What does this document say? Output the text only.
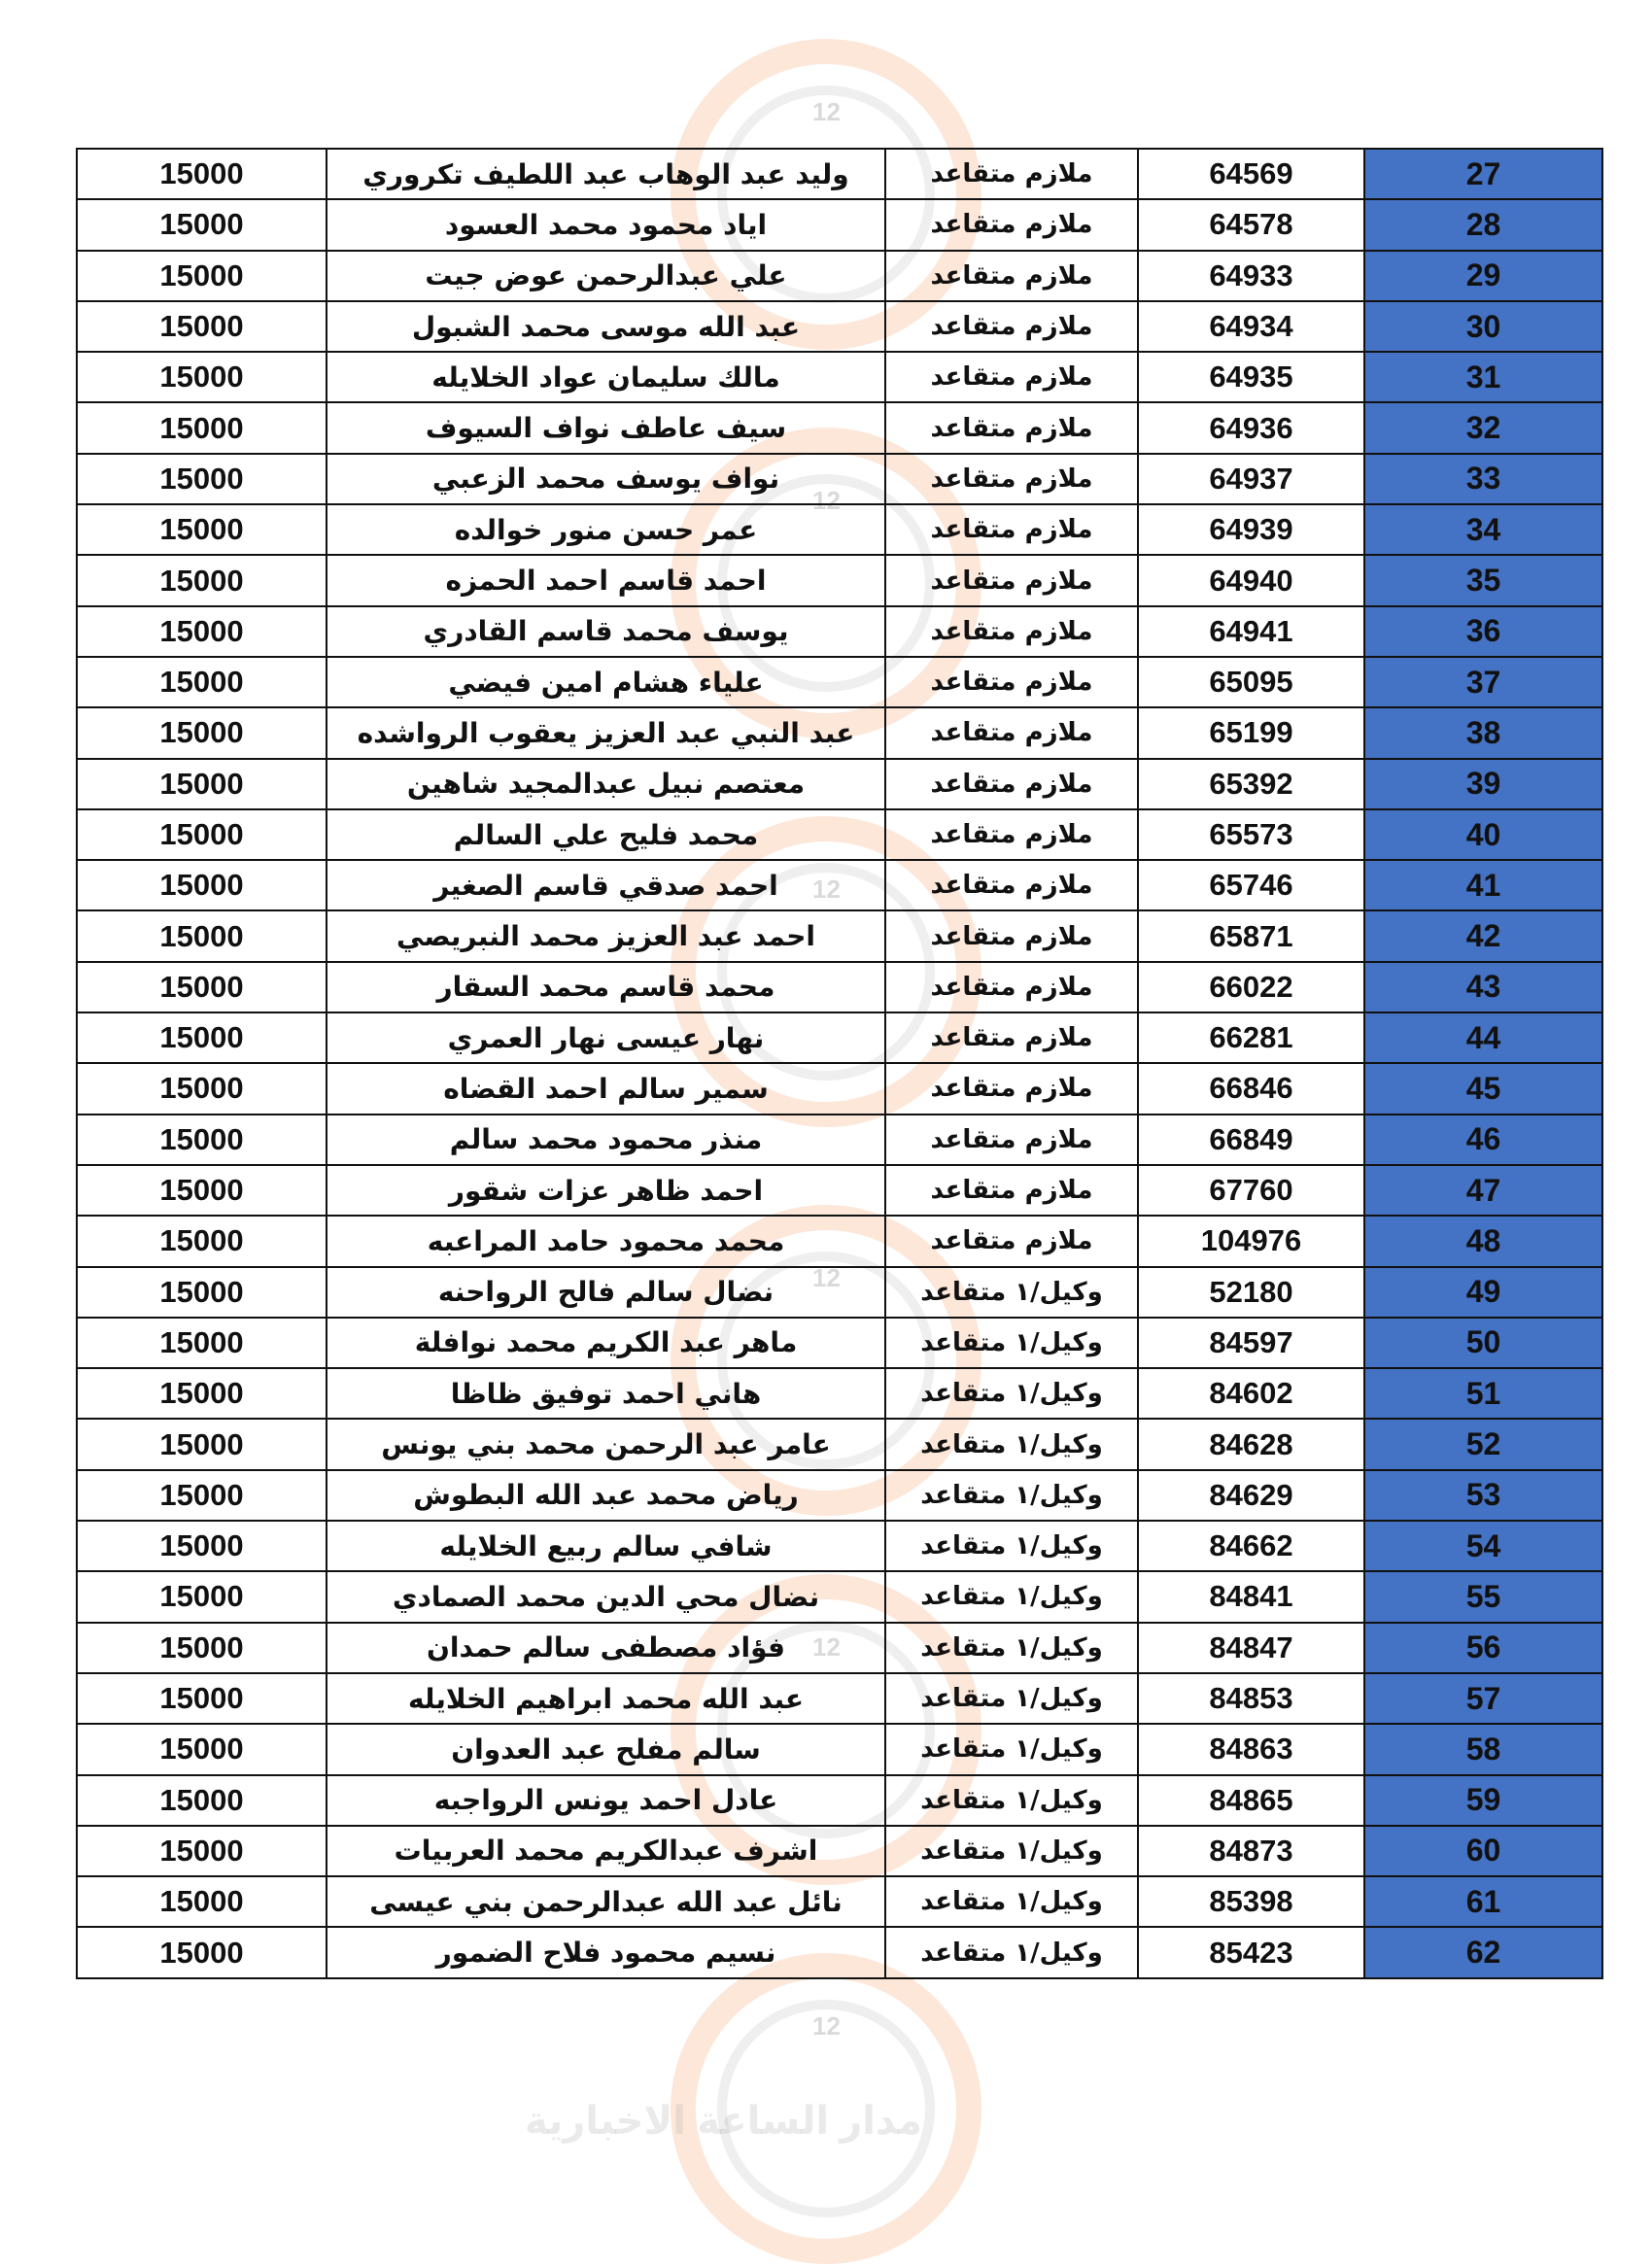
12
12
12
12
12
12
مدار الساعة الاخبارية
15000	وليد عبد الوهاب عبد اللطيف تكروري	ملازم متقاعد	64569	27
15000	اياد محمود محمد العسود	ملازم متقاعد	64578	28
15000	علي عبدالرحمن عوض جيت	ملازم متقاعد	64933	29
15000	عبد الله موسى محمد الشبول	ملازم متقاعد	64934	30
15000	مالك سليمان عواد الخلايله	ملازم متقاعد	64935	31
15000	سيف عاطف نواف السيوف	ملازم متقاعد	64936	32
15000	نواف يوسف محمد الزعبي	ملازم متقاعد	64937	33
15000	عمر حسن منور خوالده	ملازم متقاعد	64939	34
15000	احمد قاسم احمد الحمزه	ملازم متقاعد	64940	35
15000	يوسف محمد قاسم القادري	ملازم متقاعد	64941	36
15000	علياء هشام امين فيضي	ملازم متقاعد	65095	37
15000	عبد النبي عبد العزيز يعقوب الرواشده	ملازم متقاعد	65199	38
15000	معتصم نبيل عبدالمجيد شاهين	ملازم متقاعد	65392	39
15000	محمد فليح علي السالم	ملازم متقاعد	65573	40
15000	احمد صدقي قاسم الصغير	ملازم متقاعد	65746	41
15000	احمد عبد العزيز محمد النبريصي	ملازم متقاعد	65871	42
15000	محمد قاسم محمد السقار	ملازم متقاعد	66022	43
15000	نهار عيسى نهار العمري	ملازم متقاعد	66281	44
15000	سمير سالم احمد القضاه	ملازم متقاعد	66846	45
15000	منذر محمود محمد سالم	ملازم متقاعد	66849	46
15000	احمد ظاهر عزات شقور	ملازم متقاعد	67760	47
15000	محمد محمود حامد المراعبه	ملازم متقاعد	104976	48
15000	نضال سالم فالح الرواحنه	وكيل/١ متقاعد	52180	49
15000	ماهر عبد الكريم محمد نوافلة	وكيل/١ متقاعد	84597	50
15000	هاني احمد توفيق ظاظا	وكيل/١ متقاعد	84602	51
15000	عامر عبد الرحمن محمد بني يونس	وكيل/١ متقاعد	84628	52
15000	رياض محمد عبد الله البطوش	وكيل/١ متقاعد	84629	53
15000	شافي سالم ربيع الخلايله	وكيل/١ متقاعد	84662	54
15000	نضال محي الدين محمد الصمادي	وكيل/١ متقاعد	84841	55
15000	فؤاد مصطفى سالم حمدان	وكيل/١ متقاعد	84847	56
15000	عبد الله محمد ابراهيم الخلايله	وكيل/١ متقاعد	84853	57
15000	سالم مفلح عبد العدوان	وكيل/١ متقاعد	84863	58
15000	عادل احمد يونس الرواجبه	وكيل/١ متقاعد	84865	59
15000	اشرف عبدالكريم محمد العربيات	وكيل/١ متقاعد	84873	60
15000	نائل عبد الله عبدالرحمن بني عيسى	وكيل/١ متقاعد	85398	61
15000	نسيم محمود فلاح الضمور	وكيل/١ متقاعد	85423	62
